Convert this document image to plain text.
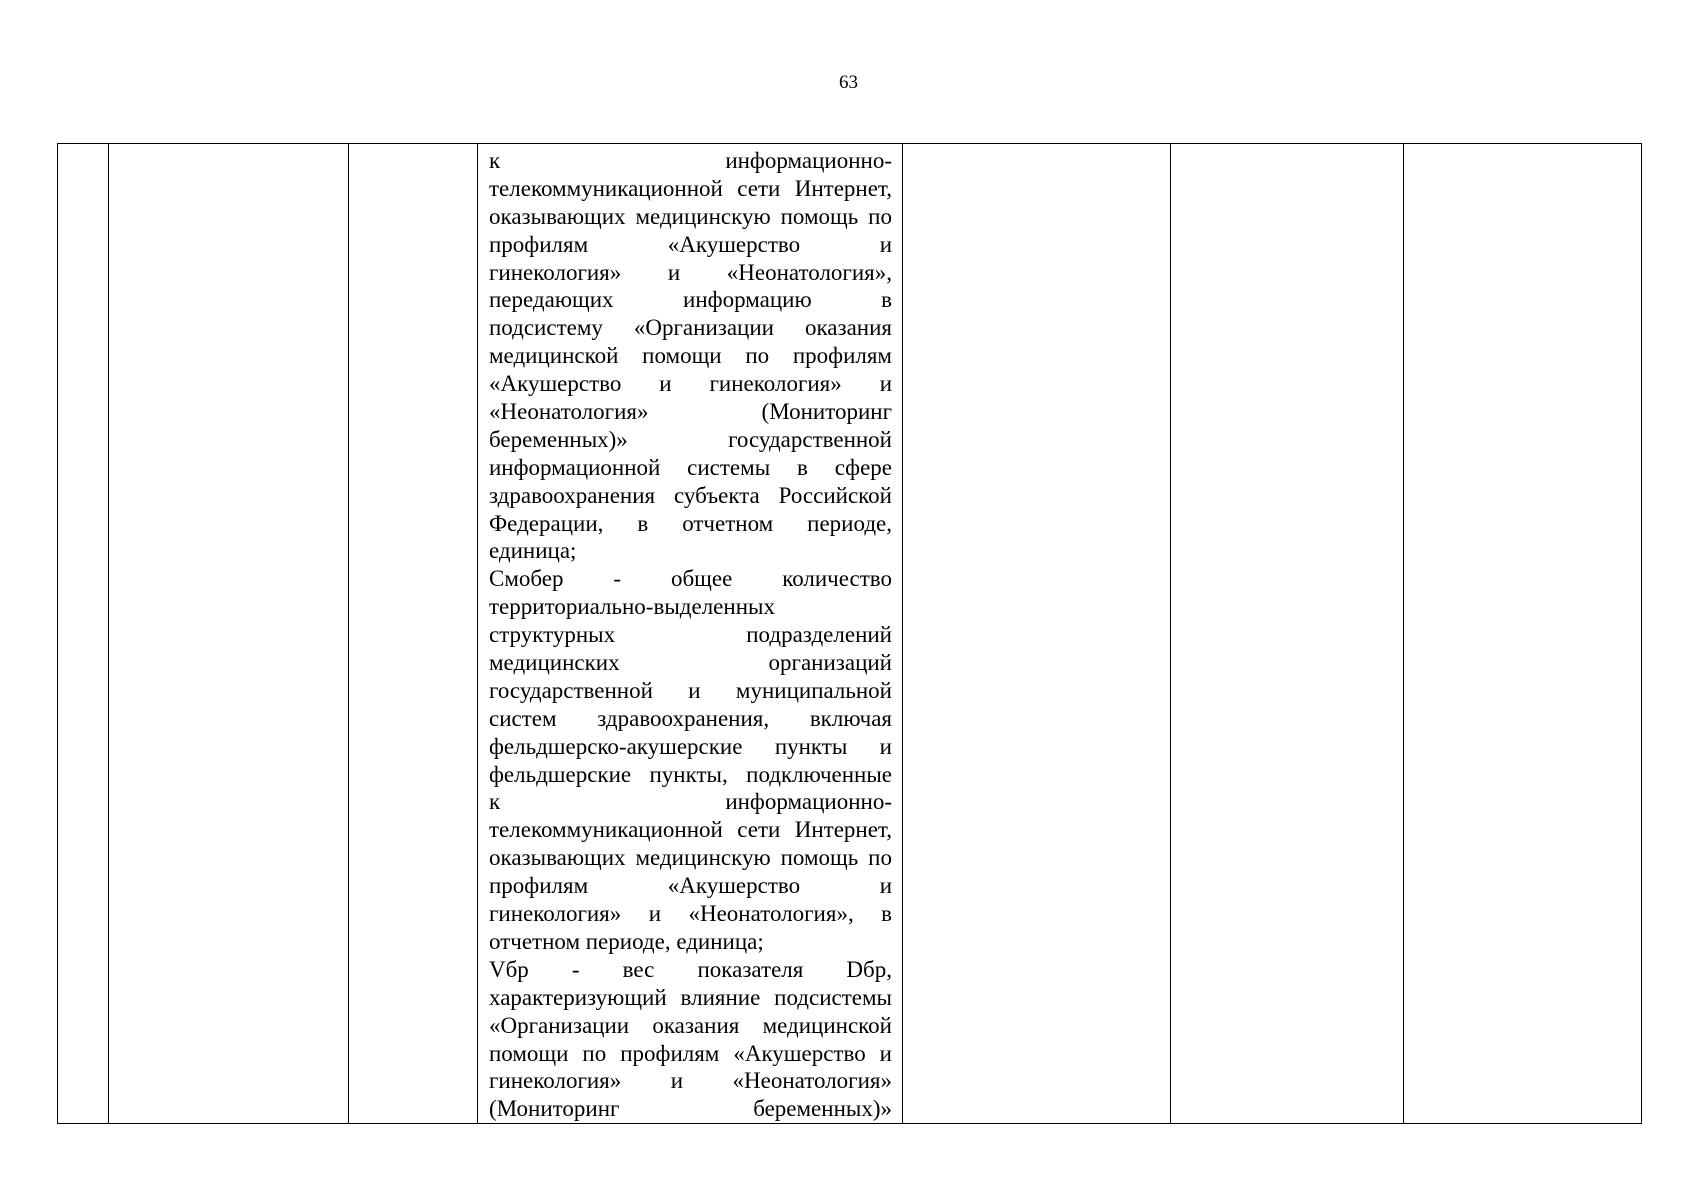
63

к информационно-
телекоммуникационной сети Интернет,
оказывающих медицинскую помощь по
профилям «Акушерство и
гинекология» и «Неонатология»,
передающих информацию в
подсистему «Организации оказания
медицинской помощи по профилям
«Акушерство и гинекология» и
«Неонатология» (Мониторинг
беременных)» государственной
информационной системы в сфере
здравоохранения субъекта Российской
Федерации, в отчетном периоде,
единица;
Смобер - общее количество
территориально-выделенных
структурных подразделений
медицинских организаций
государственной и муниципальной
систем здравоохранения, включая
фельдшерско-акушерские пункты и
фельдшерские пункты, подключенные
к информационно-
телекоммуникационной сети Интернет,
оказывающих медицинскую помощь по
профилям «Акушерство и
гинекология» и «Неонатология», в
отчетном периоде, единица;
Vбр - вес показателя Dбр,
характеризующий влияние подсистемы
«Организации оказания медицинской
помощи по профилям «Акушерство и
гинекология» и «Неонатология»
(Мониторинг беременных)»
